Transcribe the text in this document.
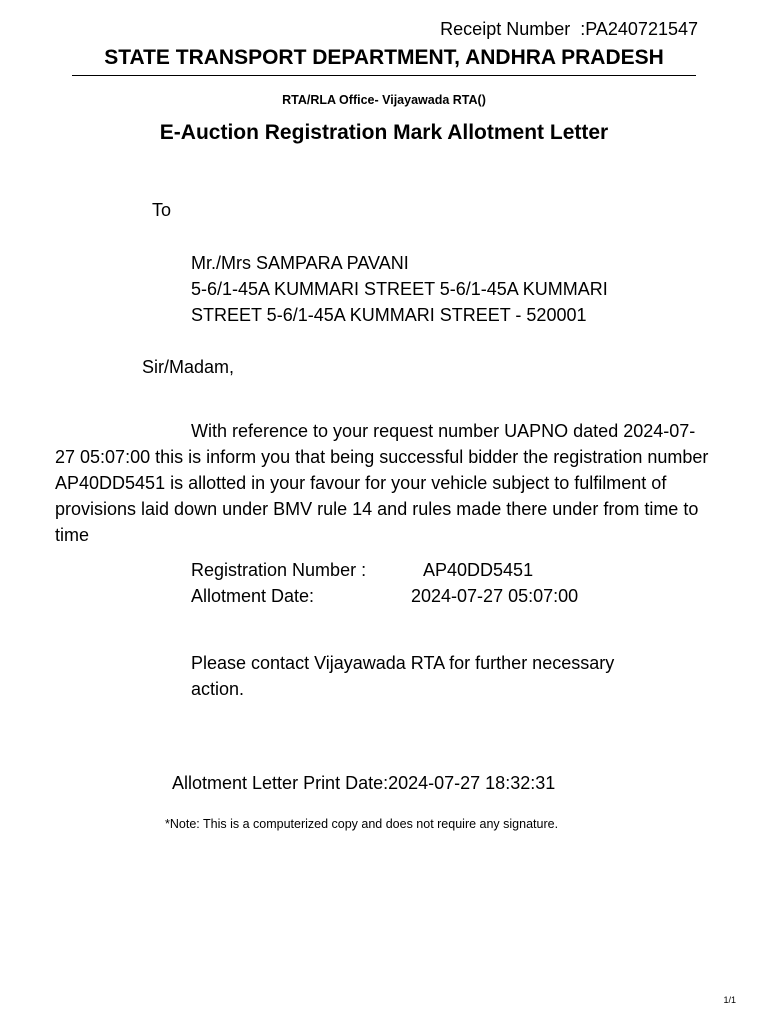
Receipt Number  :PA240721547
STATE TRANSPORT DEPARTMENT, ANDHRA PRADESH
RTA/RLA Office- Vijayawada RTA()
E-Auction Registration Mark Allotment Letter
To
Mr./Mrs SAMPARA PAVANI
5-6/1-45A KUMMARI STREET 5-6/1-45A KUMMARI STREET 5-6/1-45A KUMMARI STREET - 520001
Sir/Madam,
With reference to your request number UAPNO dated 2024-07-27 05:07:00 this is inform you that being successful bidder the registration number AP40DD5451 is allotted in your favour for your vehicle subject to fulfilment of provisions laid down under BMV rule 14 and rules made there under from time to time
Registration Number :	AP40DD5451
Allotment Date:	2024-07-27 05:07:00
Please contact Vijayawada RTA for further necessary action.
Allotment Letter Print Date:2024-07-27 18:32:31
*Note: This is a computerized copy and does not require any signature.
1/1
